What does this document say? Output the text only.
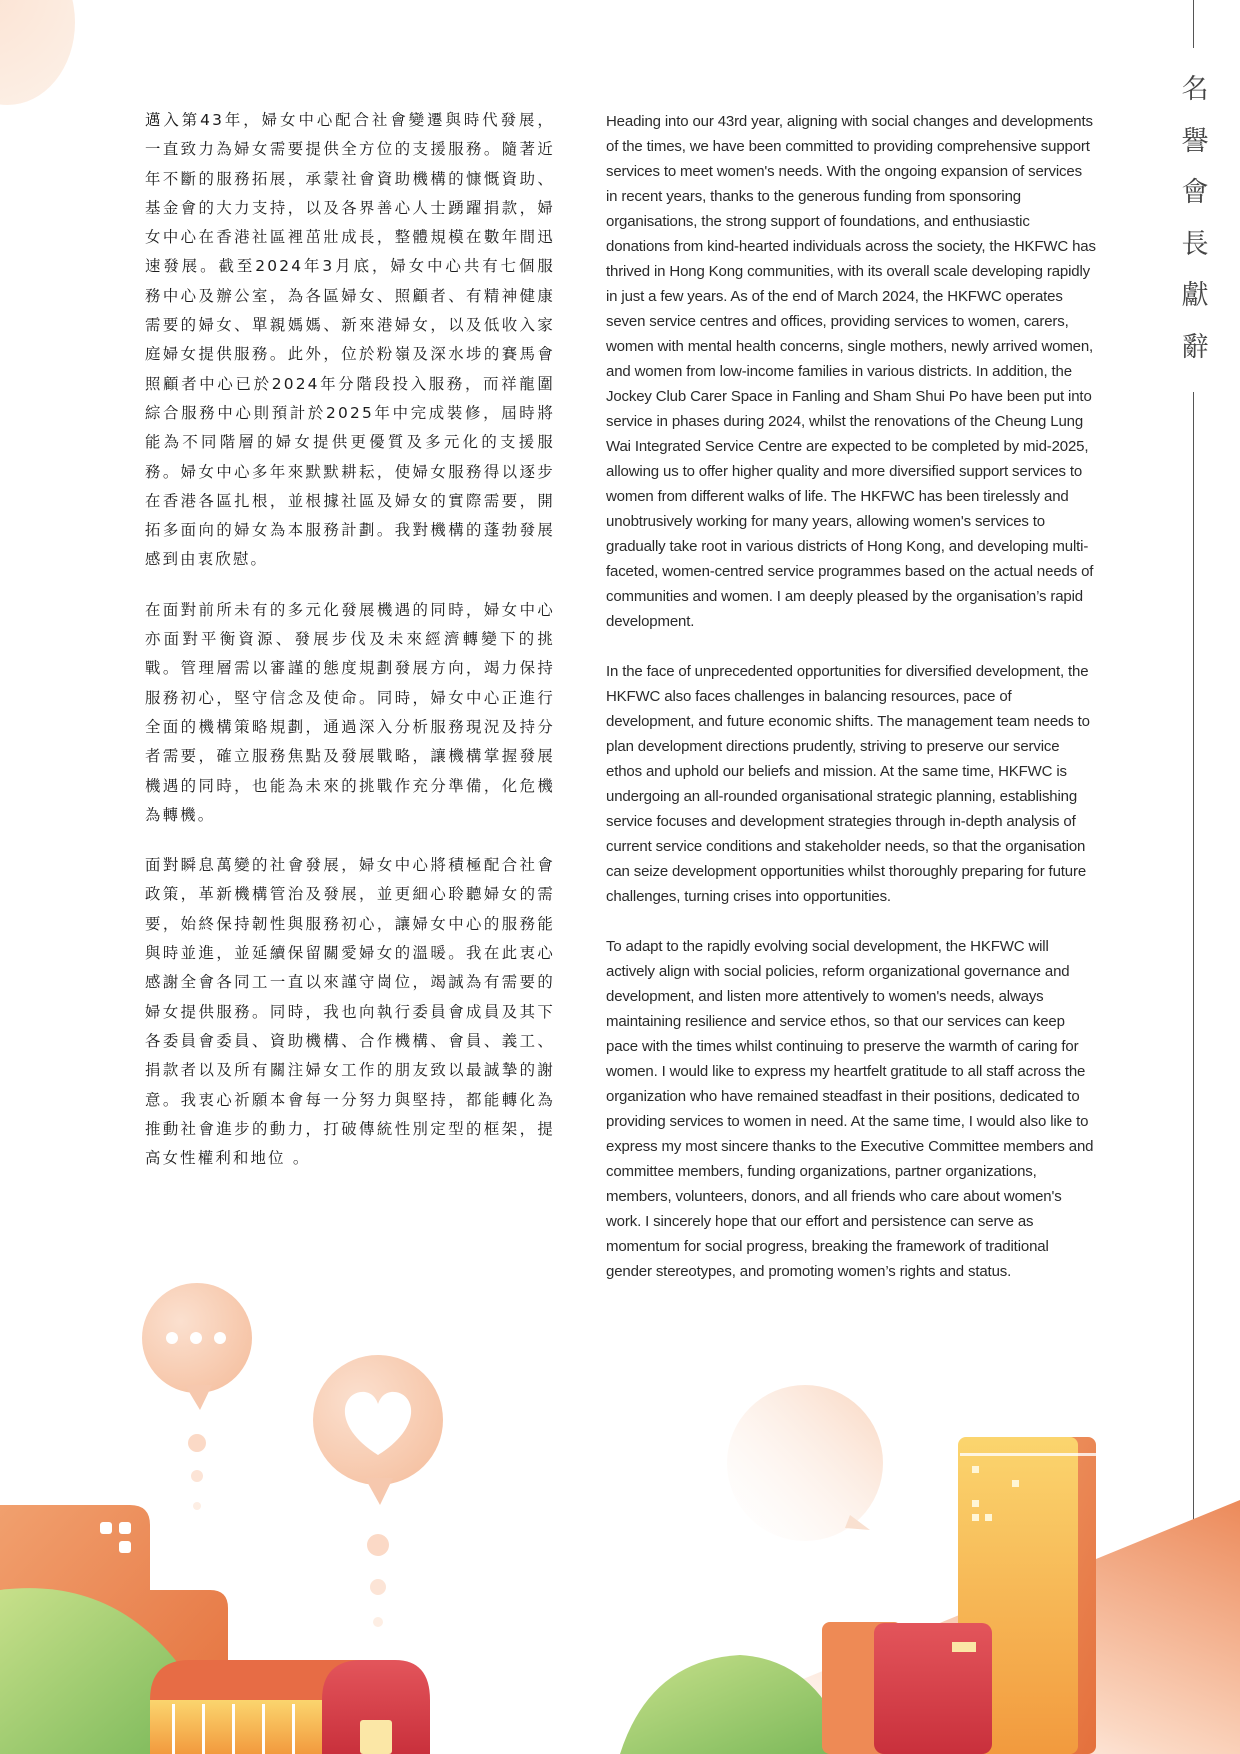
邁入第43年，婦女中心配合社會變遷與時代發展，一直致力為婦女需要提供全方位的支援服務。隨著近年不斷的服務拓展，承蒙社會資助機構的慷慨資助、基金會的大力支持，以及各界善心人士踴躍捐款，婦女中心在香港社區裡茁壯成長，整體規模在數年間迅速發展。截至2024年3月底，婦女中心共有七個服務中心及辦公室，為各區婦女、照顧者、有精神健康需要的婦女、單親媽媽、新來港婦女，以及低收入家庭婦女提供服務。此外，位於粉嶺及深水埗的賽馬會照顧者中心已於2024年分階段投入服務，而祥龍圍綜合服務中心則預計於2025年中完成裝修，屆時將能為不同階層的婦女提供更優質及多元化的支援服務。婦女中心多年來默默耕耘，使婦女服務得以逐步在香港各區扎根，並根據社區及婦女的實際需要，開拓多面向的婦女為本服務計劃。我對機構的蓬勃發展感到由衷欣慰。

在面對前所未有的多元化發展機遇的同時，婦女中心亦面對平衡資源、發展步伐及未來經濟轉變下的挑戰。管理層需以審謹的態度規劃發展方向，竭力保持服務初心，堅守信念及使命。同時，婦女中心正進行全面的機構策略規劃，通過深入分析服務現況及持分者需要，確立服務焦點及發展戰略，讓機構掌握發展機遇的同時，也能為未來的挑戰作充分準備，化危機為轉機。

面對瞬息萬變的社會發展，婦女中心將積極配合社會政策，革新機構管治及發展，並更細心聆聽婦女的需要，始終保持韌性與服務初心，讓婦女中心的服務能與時並進，並延續保留關愛婦女的溫暖。我在此衷心感謝全會各同工一直以來謹守崗位，竭誠為有需要的婦女提供服務。同時，我也向執行委員會成員及其下各委員會委員、資助機構、合作機構、會員、義工、捐款者以及所有關注婦女工作的朋友致以最誠摯的謝意。我衷心祈願本會每一分努力與堅持，都能轉化為推動社會進步的動力，打破傳統性別定型的框架，提高女性權利和地位 。

Heading into our 43rd year, aligning with social changes and developments of the times, we have been committed to providing comprehensive support services to meet women's needs. With the ongoing expansion of services in recent years, thanks to the generous funding from sponsoring organisations, the strong support of foundations, and enthusiastic donations from kind-hearted individuals across the society, the HKFWC has thrived in Hong Kong communities, with its overall scale developing rapidly in just a few years. As of the end of March 2024, the HKFWC operates seven service centres and offices, providing services to women, carers, women with mental health concerns, single mothers, newly arrived women, and women from low-income families in various districts. In addition, the Jockey Club Carer Space in Fanling and Sham Shui Po have been put into service in phases during 2024, whilst the renovations of the Cheung Lung Wai Integrated Service Centre are expected to be completed by mid-2025, allowing us to offer higher quality and more diversified support services to women from different walks of life. The HKFWC has been tirelessly and unobtrusively working for many years, allowing women's services to gradually take root in various districts of Hong Kong, and developing multi-faceted, women-centred service programmes based on the actual needs of communities and women. I am deeply pleased by the organisation’s rapid development.

In the face of unprecedented opportunities for diversified development, the HKFWC also faces challenges in balancing resources, pace of development, and future economic shifts. The management team needs to plan development directions prudently, striving to preserve our service ethos and uphold our beliefs and mission. At the same time, HKFWC is undergoing an all-rounded organisational strategic planning, establishing service focuses and development strategies through in-depth analysis of current service conditions and stakeholder needs, so that the organisation can seize development opportunities whilst thoroughly preparing for future challenges, turning crises into opportunities.

To adapt to the rapidly evolving social development, the HKFWC will actively align with social policies, reform organizational governance and development, and listen more attentively to women's needs, always maintaining resilience and service ethos, so that our services can keep pace with the times whilst continuing to preserve the warmth of caring for women. I would like to express my heartfelt gratitude to all staff across the organization who have remained steadfast in their positions, dedicated to providing services to women in need. At the same time, I would also like to express my most sincere thanks to the Executive Committee members and committee members, funding organizations, partner organizations, members, volunteers, donors, and all friends who care about women's work. I sincerely hope that our effort and persistence can serve as momentum for social progress, breaking the framework of traditional gender stereotypes, and promoting women’s rights and status.

名
譽
會
長
獻
辭
